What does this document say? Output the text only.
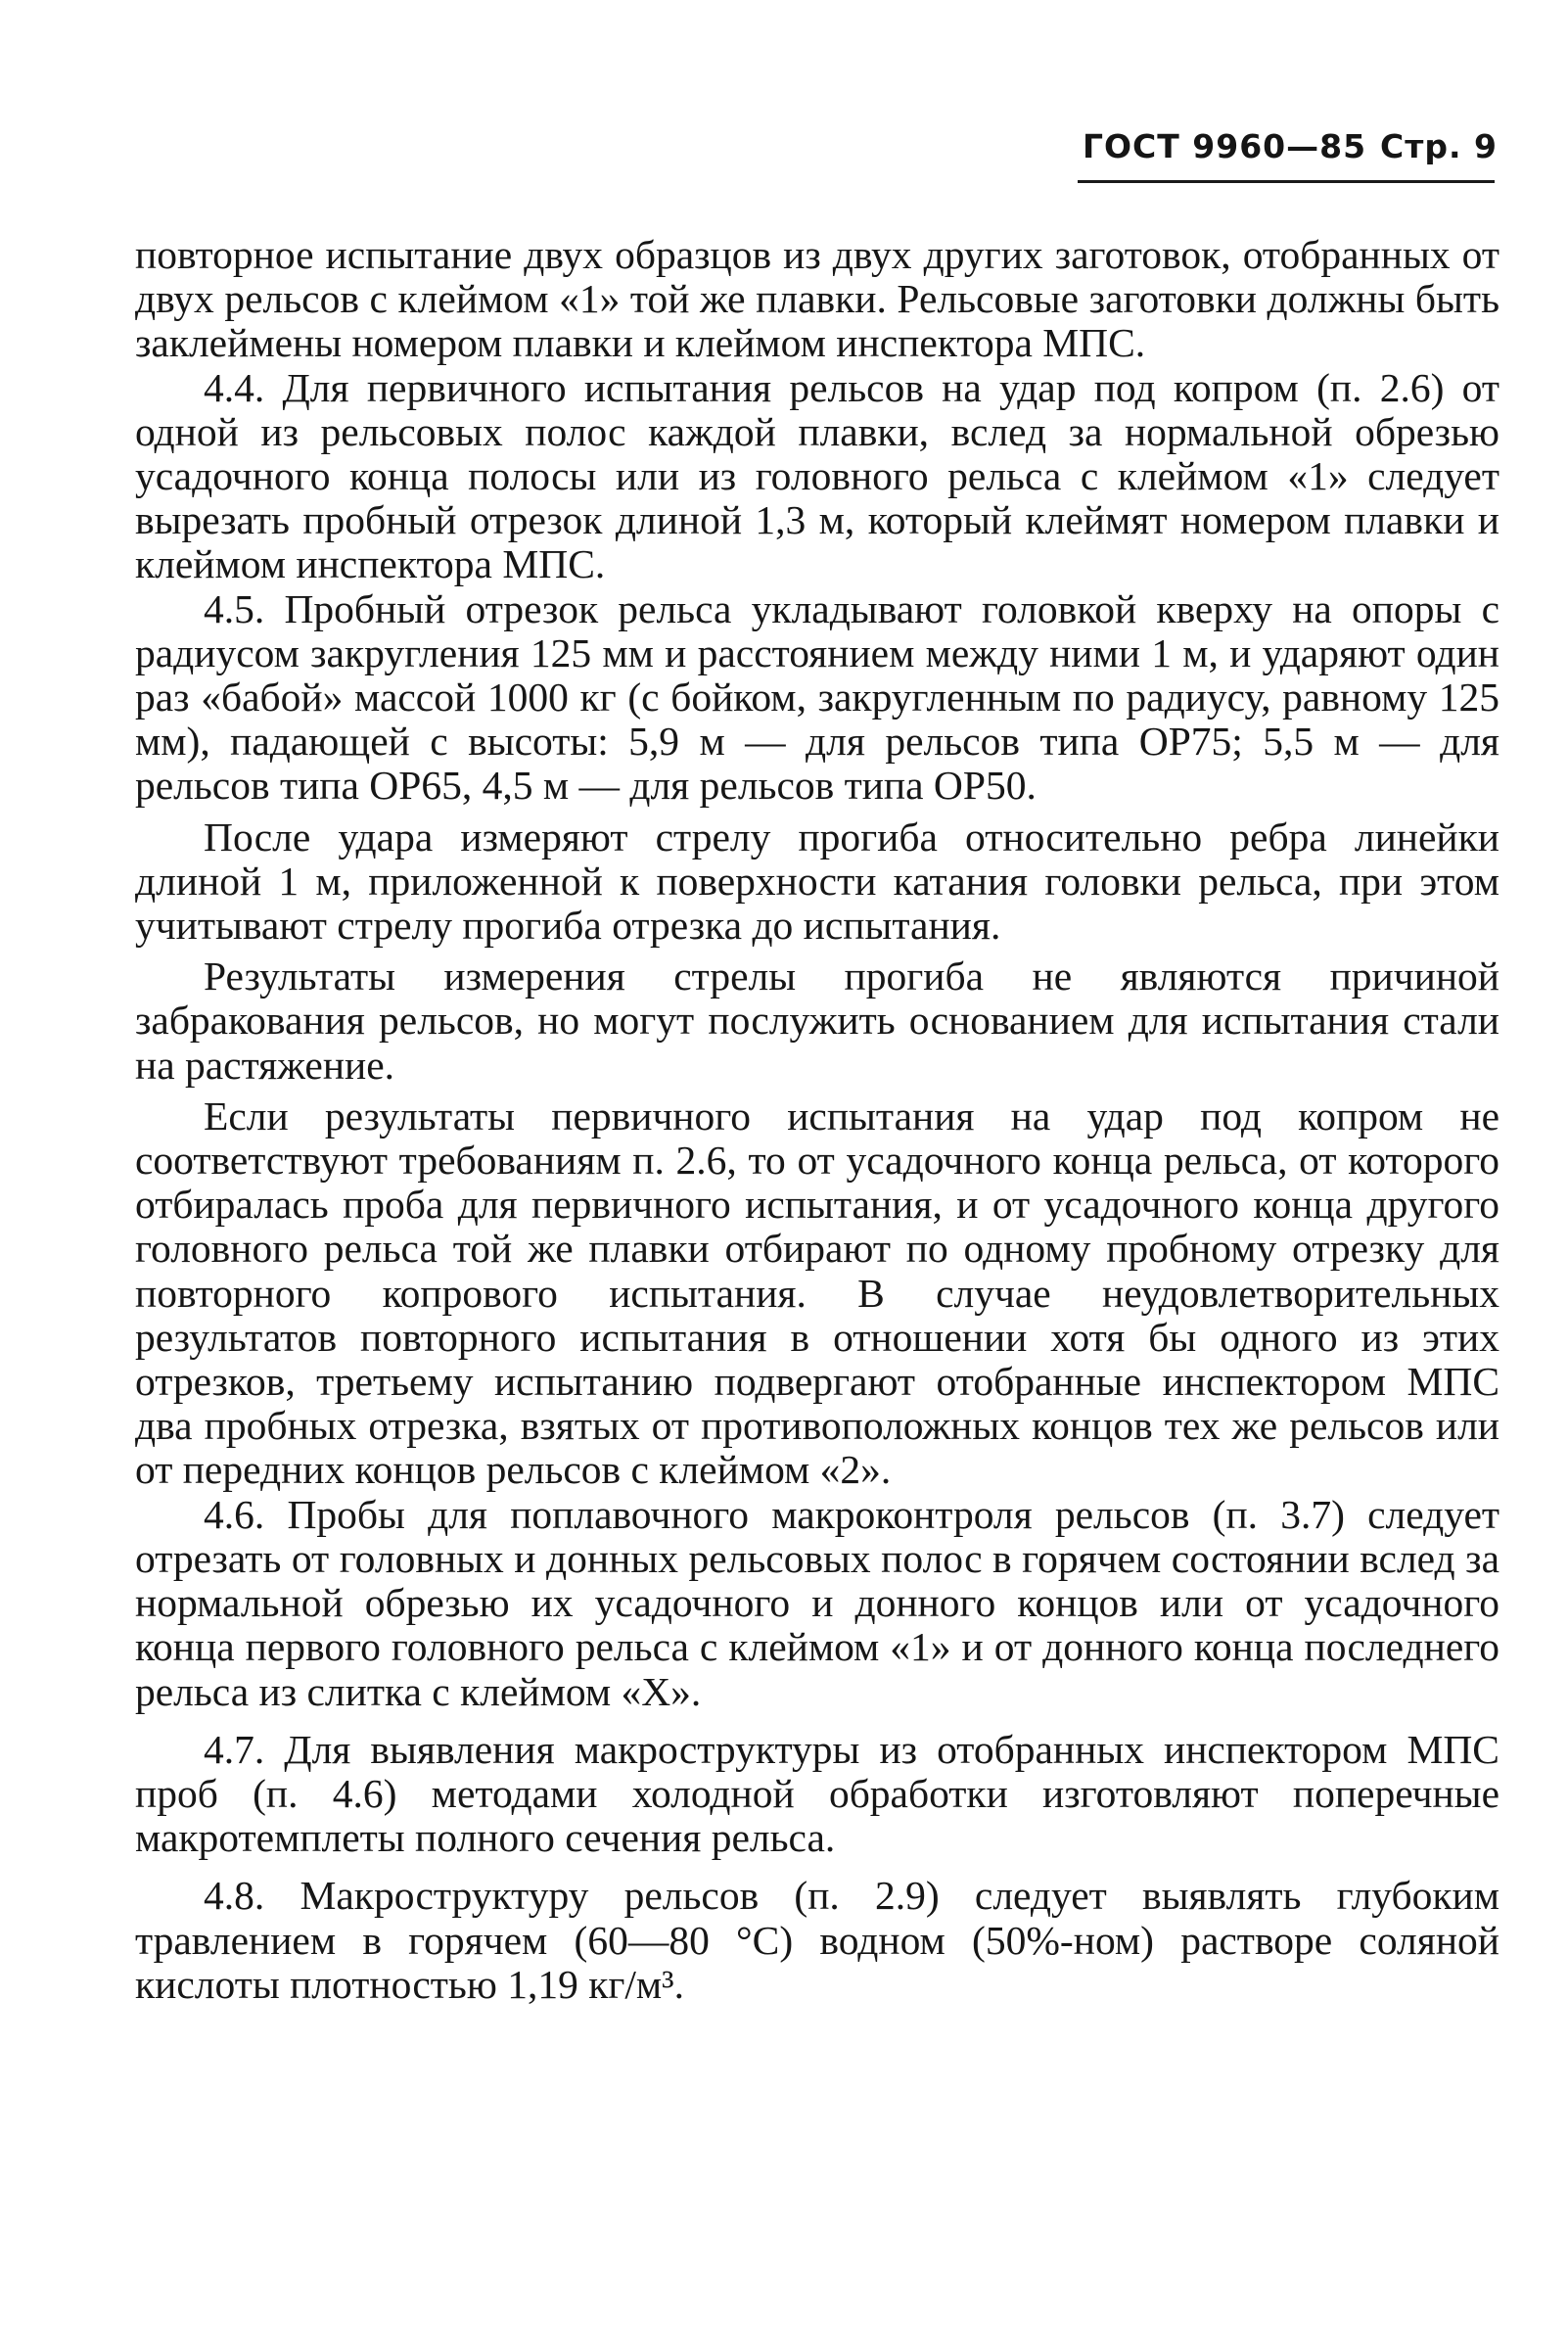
ГОСТ 9960—85 Стр. 9

повторное испытание двух образцов из двух других заготовок, отобранных от двух рельсов с клеймом «1» той же плавки. Рельсовые заготовки должны быть заклеймены номером плавки и клеймом инспектора МПС.

4.4. Для первичного испытания рельсов на удар под копром (п. 2.6) от одной из рельсовых полос каждой плавки, вслед за нормальной обрезью усадочного конца полосы или из головного рельса с клеймом «1» следует вырезать пробный отрезок длиной 1,3 м, который клеймят номером плавки и клеймом инспектора МПС.

4.5. Пробный отрезок рельса укладывают головкой кверху на опоры с радиусом закругления 125 мм и расстоянием между ними 1 м, и ударяют один раз «бабой» массой 1000 кг (с бойком, закругленным по радиусу, равному 125 мм), падающей с высоты: 5,9 м — для рельсов типа ОР75; 5,5 м — для рельсов типа ОР65, 4,5 м — для рельсов типа ОР50.

После удара измеряют стрелу прогиба относительно ребра линейки длиной 1 м, приложенной к поверхности катания головки рельса, при этом учитывают стрелу прогиба отрезка до испытания.

Результаты измерения стрелы прогиба не являются причиной забракования рельсов, но могут послужить основанием для испытания стали на растяжение.

Если результаты первичного испытания на удар под копром не соответствуют требованиям п. 2.6, то от усадочного конца рельса, от которого отбиралась проба для первичного испытания, и от усадочного конца другого головного рельса той же плавки отбирают по одному пробному отрезку для повторного копрового испытания. В случае неудовлетворительных результатов повторного испытания в отношении хотя бы одного из этих отрезков, третьему испытанию подвергают отобранные инспектором МПС два пробных отрезка, взятых от противоположных концов тех же рельсов или от передних концов рельсов с клеймом «2».

4.6. Пробы для поплавочного макроконтроля рельсов (п. 3.7) следует отрезать от головных и донных рельсовых полос в горячем состоянии вслед за нормальной обрезью их усадочного и донного концов или от усадочного конца первого головного рельса с клеймом «1» и от донного конца последнего рельса из слитка с клеймом «Х».

4.7. Для выявления макроструктуры из отобранных инспектором МПС проб (п. 4.6) методами холодной обработки изготовляют поперечные макротемплеты полного сечения рельса.

4.8. Макроструктуру рельсов (п. 2.9) следует выявлять глубоким травлением в горячем (60—80 °С) водном (50%-ном) растворе соляной кислоты плотностью 1,19 кг/м³.
